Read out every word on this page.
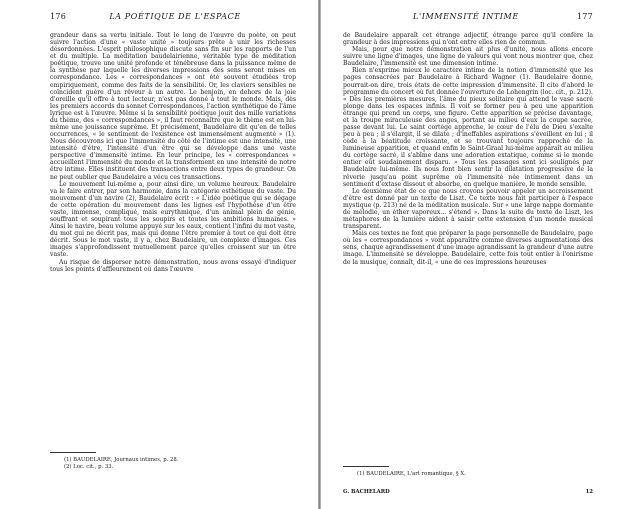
176	LA POÉTIQUE DE L'ESPACE

grandeur dans sa vertu initiale. Tout le long de l'œuvre du poète, on peut suivre l'action d'une « vaste unité » toujours prête à unir les richesses désordonnées. L'esprit philosophique discute sans fin sur les rapports de l'un et du multiple. La méditation baudelairienne, véritable type de méditation poétique, trouve une unité profonde et ténébreuse dans la puissance même de la synthèse par laquelle les diverses impressions des sens seront mises en correspondance. Les « correspondances » ont été souvent étudiées trop empiriquement, comme des faits de la sensibilité. Or, les claviers sensibles ne coïncident guère d'un rêveur à un autre. Le benjoin, en dehors de la joie d'oreille qu'il offre à tout lecteur, n'est pas donné à tout le monde. Mais, dès les premiers accords du sonnet Correspondances, l'action synthétique de l'âme lyrique est à l'œuvre. Même si la sensibilité poétique jouit des mille variations du thème, des « correspondances », il faut reconnaître que le thème est en lui-même une jouissance suprême. Et précisément, Baudelaire dit qu'en de telles occurrences, « le sentiment de l'existence est immensément augmenté » (1). Nous découvrons ici que l'immensité du côté de l'intime est une intensité, une intensité d'être, l'intensité d'un être qui se développe dans une vaste perspective d'immensité intime. En leur principe, les « correspondances » accueillent l'immensité du monde et la transforment en une intensité de notre être intime. Elles instituent des transactions entre deux types de grandeur. On ne peut oublier que Baudelaire a vécu ces transactions.

Le mouvement lui-même a, pour ainsi dire, un volume heureux. Baudelaire va le faire entrer, par son harmonie, dans la catégorie esthétique du vaste. Du mouvement d'un navire (2), Baudelaire écrit : « L'idée poétique qui se dégage de cette opération du mouvement dans les lignes est l'hypothèse d'un être vaste, immense, compliqué, mais eurythmique, d'un animal plein de génie, souffrant et soupirant tous les soupirs et toutes les ambitions humaines. » Ainsi le navire, beau volume appuyé sur les eaux, contient l'infini du mot vaste, du mot qui ne décrit pas, mais qui donne l'être premier à tout ce qui doit être décrit. Sous le mot vaste, il y a, chez Baudelaire, un complexe d'images. Ces images s'approfondissent mutuellement parce qu'elles croissent sur un être vaste.

Au risque de disperser notre démonstration, nous avons essayé d'indiquer tous les points d'affleurement où dans l'œuvre

(1) BAUDELAIRE, Journaux intimes, p. 28.
(2) Loc. cit., p. 33.
L'IMMENSITÉ INTIME	177

de Baudelaire apparaît cet étrange adjectif, étrange parce qu'il confère la grandeur à des impressions qui n'ont entre elles rien de commun.

Mais, pour que notre démonstration ait plus d'unité, nous allons encore suivre une ligne d'images, une ligne de valeurs qui vont nous montrer que, chez Baudelaire, l'immensité est une dimension intime.

Rien n'exprime mieux le caractère intime de la notion d'immensité que les pages consacrées par Baudelaire à Richard Wagner (1). Baudelaire donne, pourrait-on dire, trois états de cette impression d'immensité. Il cite d'abord le programme du concert où fut donnée l'ouverture de Lohengrin (loc. cit., p. 212). « Dès les premières mesures, l'âme du pieux solitaire qui attend le vase sacré plonge dans les espaces infinis. Il voit se former peu à peu une apparition étrange qui prend un corps, une figure. Cette apparition se précise davantage, et la troupe miraculeuse des anges, portant au milieu d'eux la coupe sacrée, passe devant lui. Le saint cortège approche, le cœur de l'élu de Dieu s'exalte peu à peu ; il s'élargit, il se dilate ; d'ineffables aspirations s'éveillent en lui ; il cède à la béatitude croissante, et se trouvant toujours rapproché de la lumineuse apparition, et quand enfin le Saint-Graal lui-même apparaît au milieu du cortège sacré, il s'abîme dans une adoration extatique, comme si le monde entier eût soudainement disparu. » Tous les passages sont ici soulignés par Baudelaire lui-même. Ils nous font bien sentir la dilatation progressive de la rêverie jusqu'au point suprême où l'immensité née intimement dans un sentiment d'extase dissout et absorbe, en quelque manière, le monde sensible.

Le deuxième état de ce que nous croyons pouvoir appeler un accroissement d'être est donné par un texte de Liszt. Ce texte nous fait participer à l'espace mystique (p. 213) né de la méditation musicale. Sur « une large nappe dormante de mélodie, un éther vaporeux... s'étend ». Dans la suite du texte de Liszt, les métaphores de la lumière aident à saisir cette extension d'un monde musical transparent.

Mais ces textes ne font que préparer la page personnelle de Baudelaire, page où les « correspondances » vont apparaître comme diverses augmentations des sens, chaque agrandissement d'une image agrandissant la grandeur d'une autre image. L'immensité se développe. Baudelaire, cette fois tout entier à l'onirisme de la musique, connaît, dit-il, « une de ces impressions heureuses

(1) BAUDELAIRE, L'art romantique, § X.
G. BACHELARD	12
